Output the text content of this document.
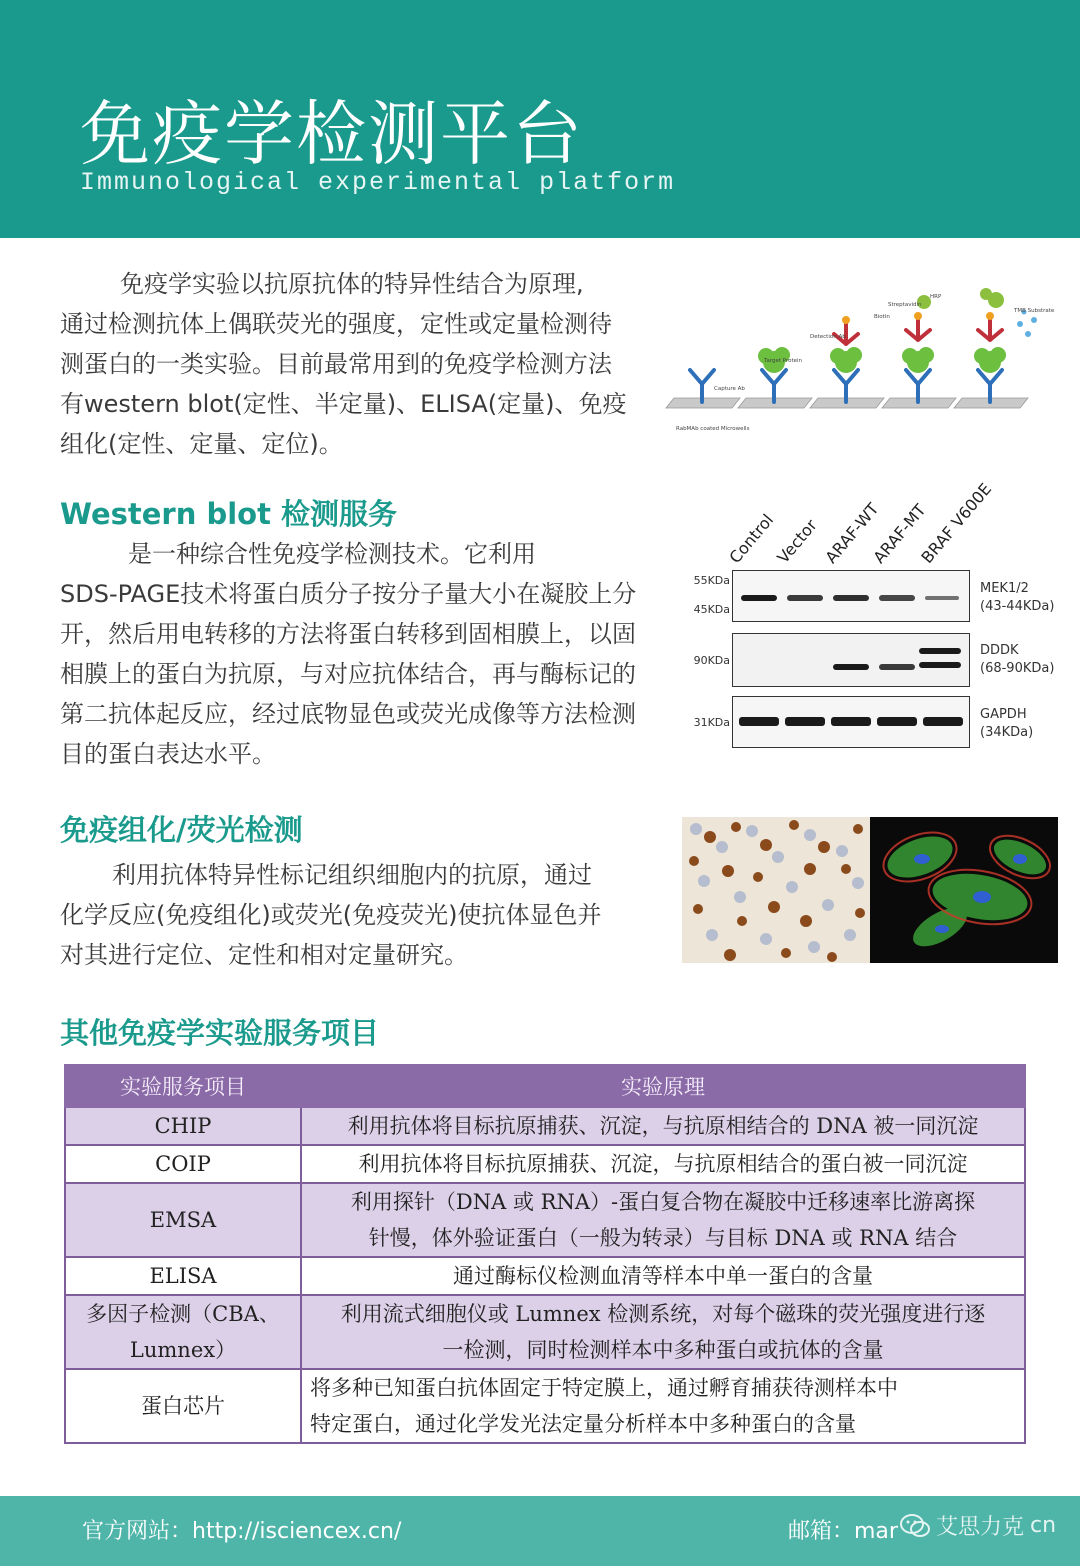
免疫学检测平台
Immunological experimental platform

免疫学实验以抗原抗体的特异性结合为原理,

通过检测抗体上偶联荧光的强度，定性或定量检测待

测蛋白的一类实验。目前最常用到的免疫学检测方法

有western blot(定性、半定量)、ELISA(定量)、免疫

组化(定性、定量、定位)。

Biotin
Streptavidin
HRP
TMB Substrate
Detection Ab
Target Protein
Capture Ab
RabMAb coated Microwells
Western blot 检测服务

是一种综合性免疫学检测技术。它利用

SDS-PAGE技术将蛋白质分子按分子量大小在凝胶上分

开，然后用电转移的方法将蛋白转移到固相膜上，以固

相膜上的蛋白为抗原，与对应抗体结合，再与酶标记的

第二抗体起反应，经过底物显色或荧光成像等方法检测

目的蛋白表达水平。

Control
Vector ARAF-WT
ARAF-MT
BRAF V600E
55KDa
45KDa
MEK1/2
(43-44KDa)
90KDa
DDDK
(68-90KDa)
31KDa
GAPDH
(34KDa)
免疫组化/荧光检测

利用抗体特异性标记组织细胞内的抗原，通过

化学反应(免疫组化)或荧光(免疫荧光)使抗体显色并

对其进行定位、定性和相对定量研究。

其他免疫学实验服务项目
实验服务项目	实验原理
CHIP	利用抗体将目标抗原捕获、沉淀，与抗原相结合的 DNA 被一同沉淀

COIP	利用抗体将目标抗原捕获、沉淀，与抗原相结合的蛋白被一同沉淀

EMSA	利用探针（DNA 或 RNA）-蛋白复合物在凝胶中迁移速率比游离探
针慢，体外验证蛋白（一般为转录）与目标 DNA 或 RNA 结合

ELISA	通过酶标仪检测血清等样本中单一蛋白的含量

多因子检测（CBA、Lumnex）	利用流式细胞仪或 Lumnex 检测系统，对每个磁珠的荧光强度进行逐
一检测，同时检测样本中多种蛋白或抗体的含量

蛋白芯片	将多种已知蛋白抗体固定于特定膜上，通过孵育捕获待测样本中
特定蛋白，通过化学发光法定量分析样本中多种蛋白的含量
官方网站：http://isciencex.cn/	邮箱：mar 艾思力克 cn
